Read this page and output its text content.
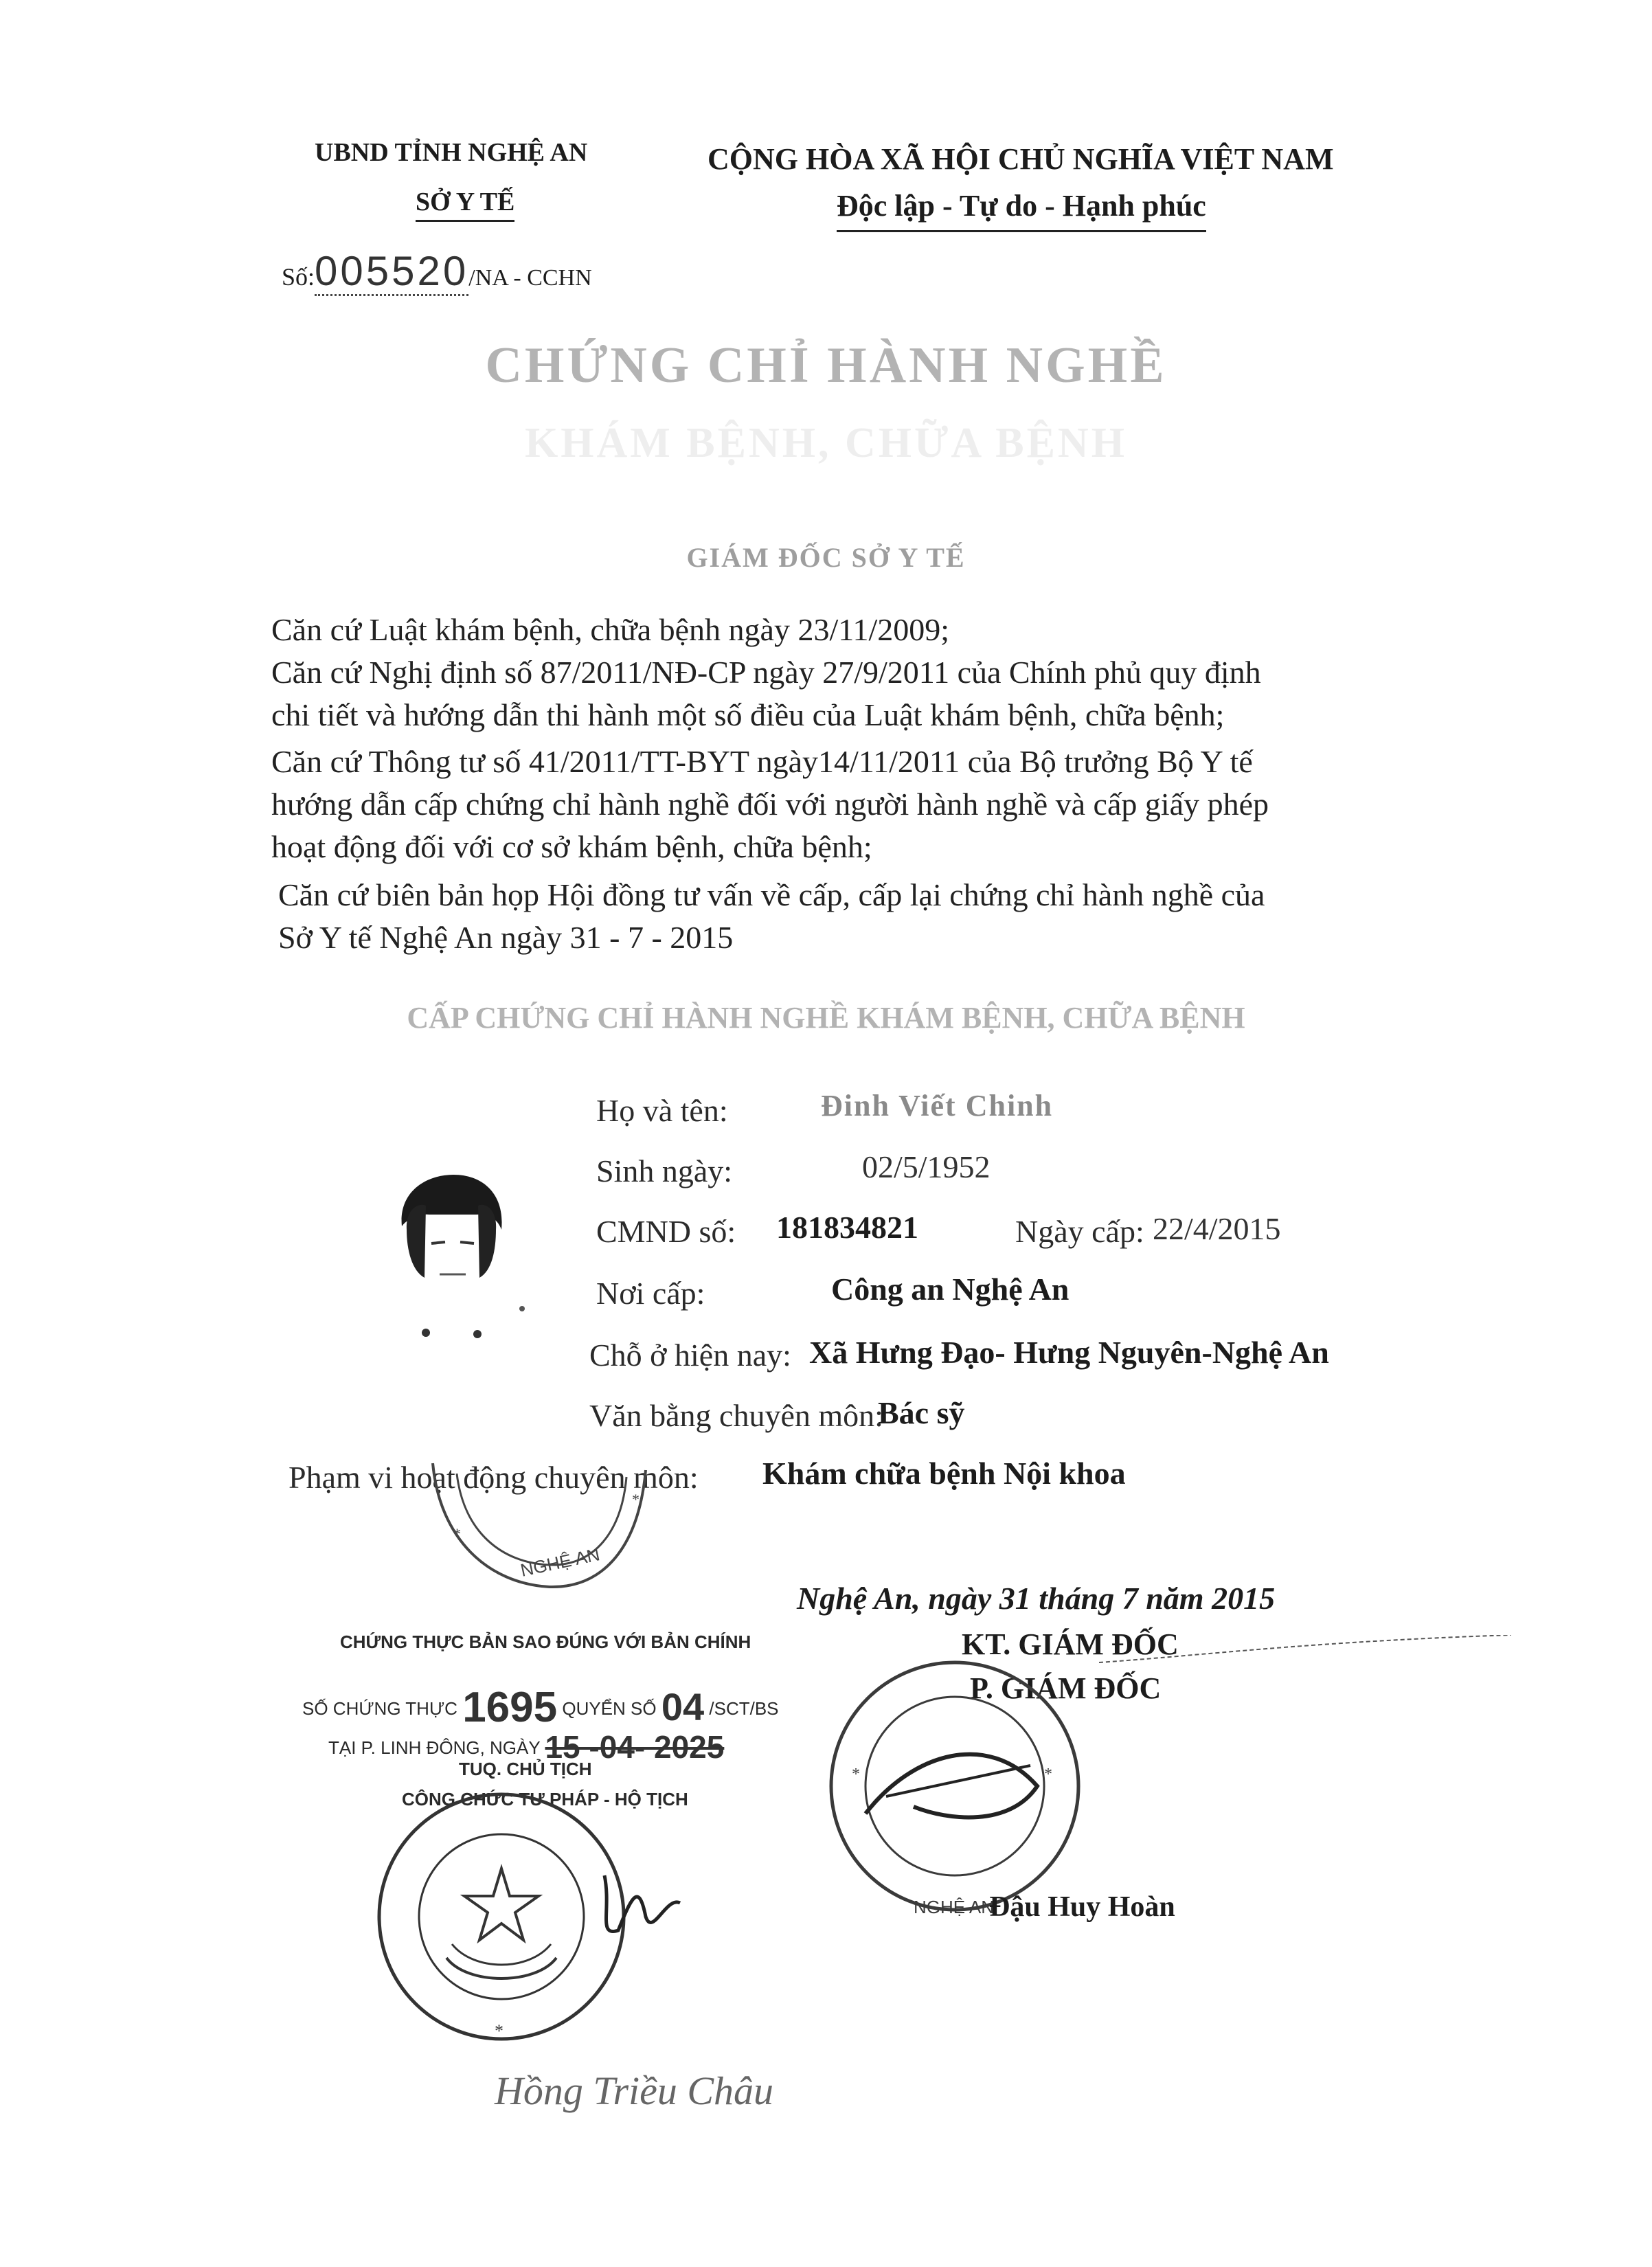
UBND TỈNH NGHỆ AN
SỞ Y TẾ
Số:005520/NA - CCHN
CỘNG HÒA XÃ HỘI CHỦ NGHĨA VIỆT NAM
Độc lập - Tự do - Hạnh phúc
CHỨNG CHỈ HÀNH NGHỀ
KHÁM BỆNH, CHỮA BỆNH
GIÁM ĐỐC SỞ Y TẾ
Căn cứ Luật khám bệnh, chữa bệnh ngày 23/11/2009;
Căn cứ Nghị định số 87/2011/NĐ-CP ngày 27/9/2011 của Chính phủ quy định
chi tiết và hướng dẫn thi hành một số điều của Luật khám bệnh, chữa bệnh;
Căn cứ Thông tư số 41/2011/TT-BYT ngày14/11/2011 của Bộ trưởng Bộ Y tế
hướng dẫn cấp chứng chỉ hành nghề đối với người hành nghề và cấp giấy phép
hoạt động đối với cơ sở khám bệnh, chữa bệnh;
Căn cứ biên bản họp Hội đồng tư vấn về cấp, cấp lại chứng chỉ hành nghề của
Sở Y tế Nghệ An ngày 31 - 7 - 2015
CẤP CHỨNG CHỈ HÀNH NGHỀ KHÁM BỆNH, CHỮA BỆNH
Họ và tên:	Đinh Viết Chinh
Sinh ngày:	02/5/1952
CMND số: 181834821	Ngày cấp: 22/4/2015
Nơi cấp:	Công an Nghệ An
Chỗ ở hiện nay: Xã Hưng Đạo- Hưng Nguyên-Nghệ An
Văn bằng chuyên môn:
Bác sỹ
Phạm vi hoạt động chuyên môn: Khám chữa bệnh Nội khoa
NGHỆ AN
*
*
Nghệ An, ngày 31 tháng 7 năm 2015
KT. GIÁM ĐỐC
P. GIÁM ĐỐC
NGHỆ AN
*	*
Đậu Huy Hoàn
CHỨNG THỰC BẢN SAO ĐÚNG VỚI BẢN CHÍNH
SỐ CHỨNG THỰC 1695 QUYỂN SỐ 04 /SCT/BS
TẠI P. LINH ĐÔNG, NGÀY 15 -04- 2025
TUQ. CHỦ TỊCH
CÔNG CHỨC TƯ PHÁP - HỘ TỊCH
*
Hồng Triều Châu
